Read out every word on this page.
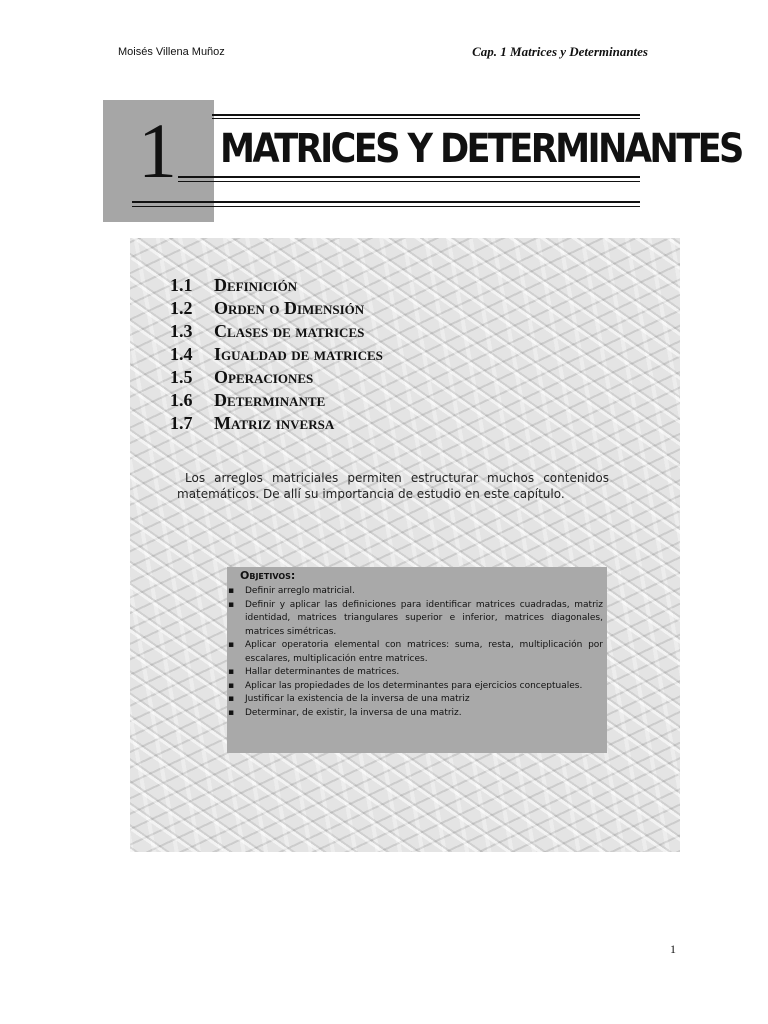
Moisés Villena Muñoz	Cap. 1 Matrices y Determinantes
1 MATRICES Y DETERMINANTES
1.1 Definición
1.2 Orden o Dimensión
1.3 Clases de matrices
1.4 Igualdad de matrices
1.5 Operaciones
1.6 Determinante
1.7 Matriz inversa
Los arreglos matriciales permiten estructurar muchos contenidos matemáticos. De allí su importancia de estudio en este capítulo.
Objetivos:
▪ Definir arreglo matricial.
▪ Definir y aplicar las definiciones para identificar matrices cuadradas, matriz identidad, matrices triangulares superior e inferior, matrices diagonales, matrices simétricas.
▪ Aplicar operatoria elemental con matrices: suma, resta, multiplicación por escalares, multiplicación entre matrices.
▪ Hallar determinantes de matrices.
▪ Aplicar las propiedades de los determinantes para ejercicios conceptuales.
▪ Justificar la existencia de la inversa de una matriz
▪ Determinar, de existir, la inversa de una matriz.
1
